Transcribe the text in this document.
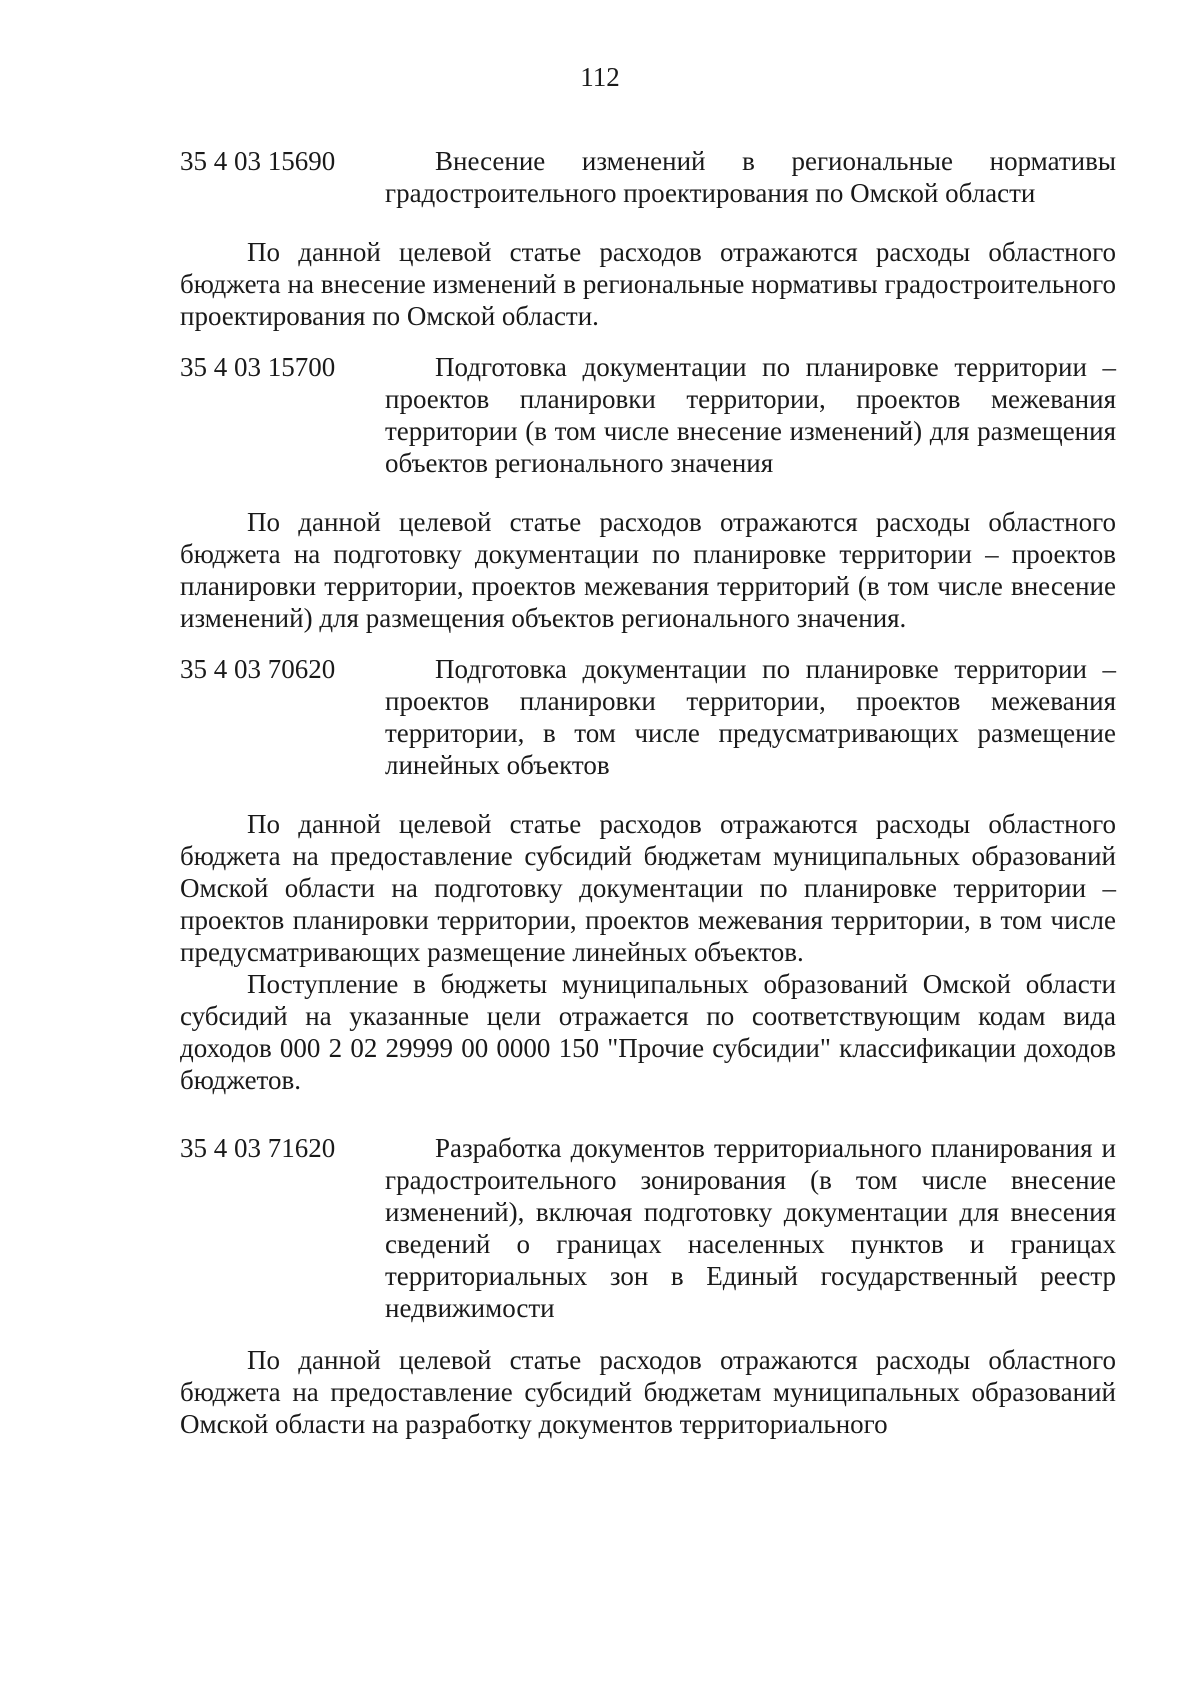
112
35 4 03 15690	Внесение изменений в региональные нормативы градостроительного проектирования по Омской области
По данной целевой статье расходов отражаются расходы областного бюджета на внесение изменений в региональные нормативы градостроительного проектирования по Омской области.
35 4 03 15700	Подготовка документации по планировке территории – проектов планировки территории, проектов межевания территории (в том числе внесение изменений) для размещения объектов регионального значения
По данной целевой статье расходов отражаются расходы областного бюджета на подготовку документации по планировке территории – проектов планировки территории, проектов межевания территорий (в том числе внесение изменений) для размещения объектов регионального значения.
35 4 03 70620	Подготовка документации по планировке территории – проектов планировки территории, проектов межевания территории, в том числе предусматривающих размещение линейных объектов
По данной целевой статье расходов отражаются расходы областного бюджета на предоставление субсидий бюджетам муниципальных образований Омской области на подготовку документации по планировке территории – проектов планировки территории, проектов межевания территории, в том числе предусматривающих размещение линейных объектов.
Поступление в бюджеты муниципальных образований Омской области субсидий на указанные цели отражается по соответствующим кодам вида доходов 000 2 02 29999 00 0000 150 "Прочие субсидии" классификации доходов бюджетов.
35 4 03 71620	Разработка документов территориального планирования и градостроительного зонирования (в том числе внесение изменений), включая подготовку документации для внесения сведений о границах населенных пунктов и границах территориальных зон в Единый государственный реестр недвижимости
По данной целевой статье расходов отражаются расходы областного бюджета на предоставление субсидий бюджетам муниципальных образований Омской области на разработку документов территориального
